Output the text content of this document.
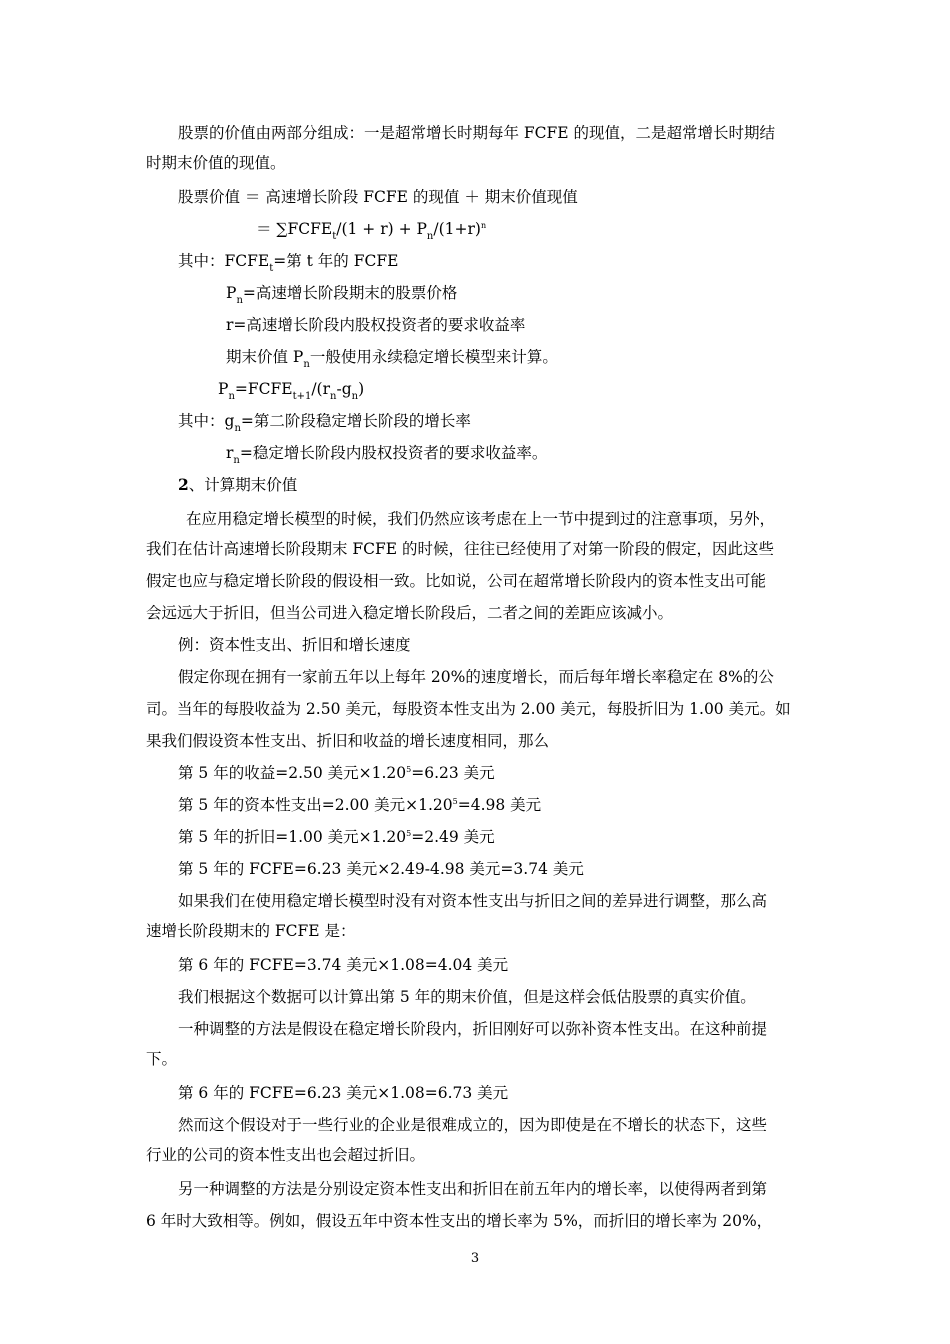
股票的价值由两部分组成：一是超常增长时期每年 FCFE 的现值，二是超常增长时期结
时期末价值的现值。
股票价值 ＝ 高速增长阶段 FCFE 的现值 ＋ 期末价值现值
＝ $\sum FCFE_t/(1 + r) + P_n/(1+r)^n$
其中：$FCFE_t=$第 t 年的 FCFE
$P_n=$高速增长阶段期末的股票价格
r=高速增长阶段内股权投资者的要求收益率
期末价值 $P_n$一般使用永续稳定增长模型来计算。
$P_n=FCFE_{t+1}/(r_n-g_n)$
其中：$g_n=$第二阶段稳定增长阶段的增长率
$r_n=$稳定增长阶段内股权投资者的要求收益率。
2、计算期末价值
在应用稳定增长模型的时候，我们仍然应该考虑在上一节中提到过的注意事项，另外，
我们在估计高速增长阶段期末 FCFE 的时候，往往已经使用了对第一阶段的假定，因此这些
假定也应与稳定增长阶段的假设相一致。比如说，公司在超常增长阶段内的资本性支出可能
会远远大于折旧，但当公司进入稳定增长阶段后，二者之间的差距应该减小。
例：资本性支出、折旧和增长速度
假定你现在拥有一家前五年以上每年 20%的速度增长，而后每年增长率稳定在 8%的公
司。当年的每股收益为 2.50 美元，每股资本性支出为 2.00 美元，每股折旧为 1.00 美元。如
果我们假设资本性支出、折旧和收益的增长速度相同，那么
第 5 年的收益=2.50 美元$\times 1.20^5=6.23$ 美元
第 5 年的资本性支出=2.00 美元$\times 1.20^5=4.98$ 美元
第 5 年的折旧=1.00 美元$\times 1.20^5=2.49$ 美元
第 5 年的 FCFE=6.23 美元×2.49-4.98 美元=3.74 美元
如果我们在使用稳定增长模型时没有对资本性支出与折旧之间的差异进行调整，那么高
速增长阶段期末的 FCFE 是：
第 6 年的 FCFE=3.74 美元×1.08=4.04 美元
我们根据这个数据可以计算出第 5 年的期末价值，但是这样会低估股票的真实价值。
一种调整的方法是假设在稳定增长阶段内，折旧刚好可以弥补资本性支出。在这种前提
下。
第 6 年的 FCFE=6.23 美元×1.08=6.73 美元
然而这个假设对于一些行业的企业是很难成立的，因为即使是在不增长的状态下，这些
行业的公司的资本性支出也会超过折旧。
另一种调整的方法是分别设定资本性支出和折旧在前五年内的增长率，以使得两者到第
6 年时大致相等。例如，假设五年中资本性支出的增长率为 5%，而折旧的增长率为 20%，
3
